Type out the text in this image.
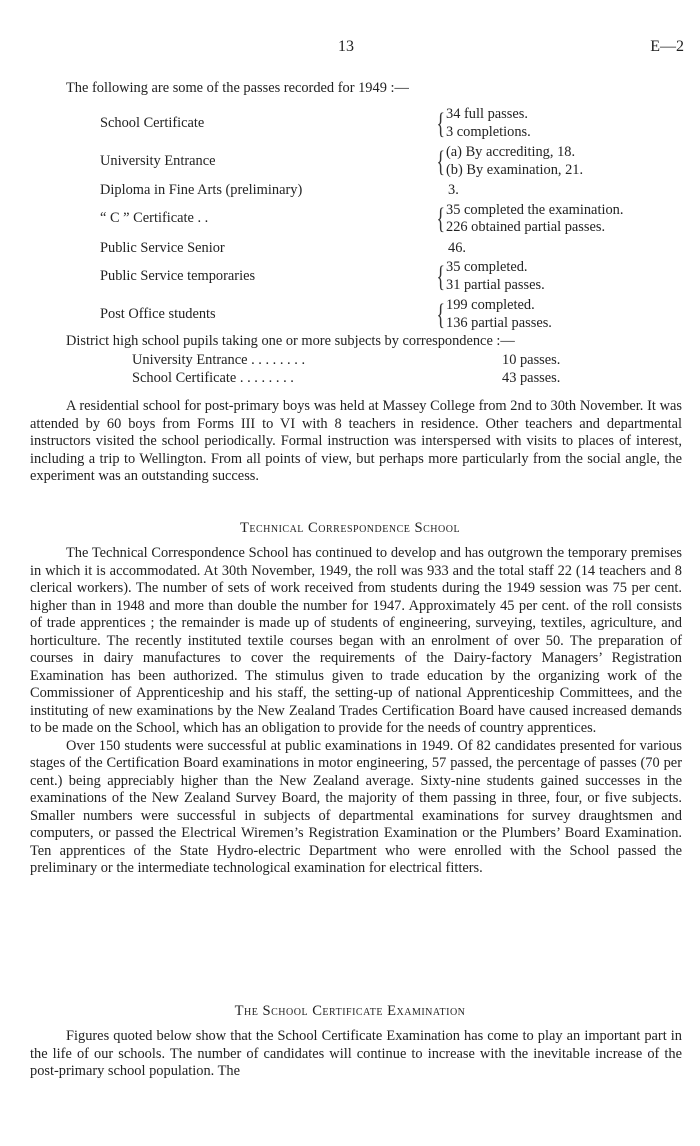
13	E—2
The following are some of the passes recorded for 1949 :—
School Certificate	{ 34 full passes.
3 completions.
University Entrance	{ (a) By accrediting, 18.
(b) By examination, 21.
Diploma in Fine Arts (preliminary)	3.
“ C ” Certificate . .	{ 35 completed the examination.
226 obtained partial passes.
Public Service Senior	46.
Public Service temporaries	{ 35 completed.
31 partial passes.
Post Office students	{ 199 completed.
136 partial passes.
District high school pupils taking one or more subjects by correspondence :—
University Entrance . . . . . . . .	10 passes.
School Certificate . . . . . . . .	43 passes.

A residential school for post-primary boys was held at Massey College from 2nd to 30th November. It was attended by 60 boys from Forms III to VI with 8 teachers in residence. Other teachers and departmental instructors visited the school periodically. Formal instruction was interspersed with visits to places of interest, including a trip to Wellington. From all points of view, but perhaps more particularly from the social angle, the experiment was an outstanding success.

Technical Correspondence School

The Technical Correspondence School has continued to develop and has outgrown the temporary premises in which it is accommodated. At 30th November, 1949, the roll was 933 and the total staff 22 (14 teachers and 8 clerical workers). The number of sets of work received from students during the 1949 session was 75 per cent. higher than in 1948 and more than double the number for 1947. Approximately 45 per cent. of the roll consists of trade apprentices ; the remainder is made up of students of engineering, surveying, textiles, agriculture, and horticulture. The recently instituted textile courses began with an enrolment of over 50. The preparation of courses in dairy manufactures to cover the requirements of the Dairy-factory Managers’ Registration Examination has been authorized. The stimulus given to trade education by the organizing work of the Commissioner of Apprenticeship and his staff, the setting-up of national Apprenticeship Committees, and the instituting of new examinations by the New Zealand Trades Certification Board have caused increased demands to be made on the School, which has an obligation to provide for the needs of country apprentices.

Over 150 students were successful at public examinations in 1949. Of 82 candidates presented for various stages of the Certification Board examinations in motor engineering, 57 passed, the percentage of passes (70 per cent.) being appreciably higher than the New Zealand average. Sixty-nine students gained successes in the examinations of the New Zealand Survey Board, the majority of them passing in three, four, or five subjects. Smaller numbers were successful in subjects of departmental examinations for survey draughtsmen and computers, or passed the Electrical Wiremen’s Registration Examination or the Plumbers’ Board Examination. Ten apprentices of the State Hydro-electric Department who were enrolled with the School passed the preliminary or the intermediate technological examination for electrical fitters.

The School Certificate Examination

Figures quoted below show that the School Certificate Examination has come to play an important part in the life of our schools. The number of candidates will continue to increase with the inevitable increase of the post-primary school population. The
